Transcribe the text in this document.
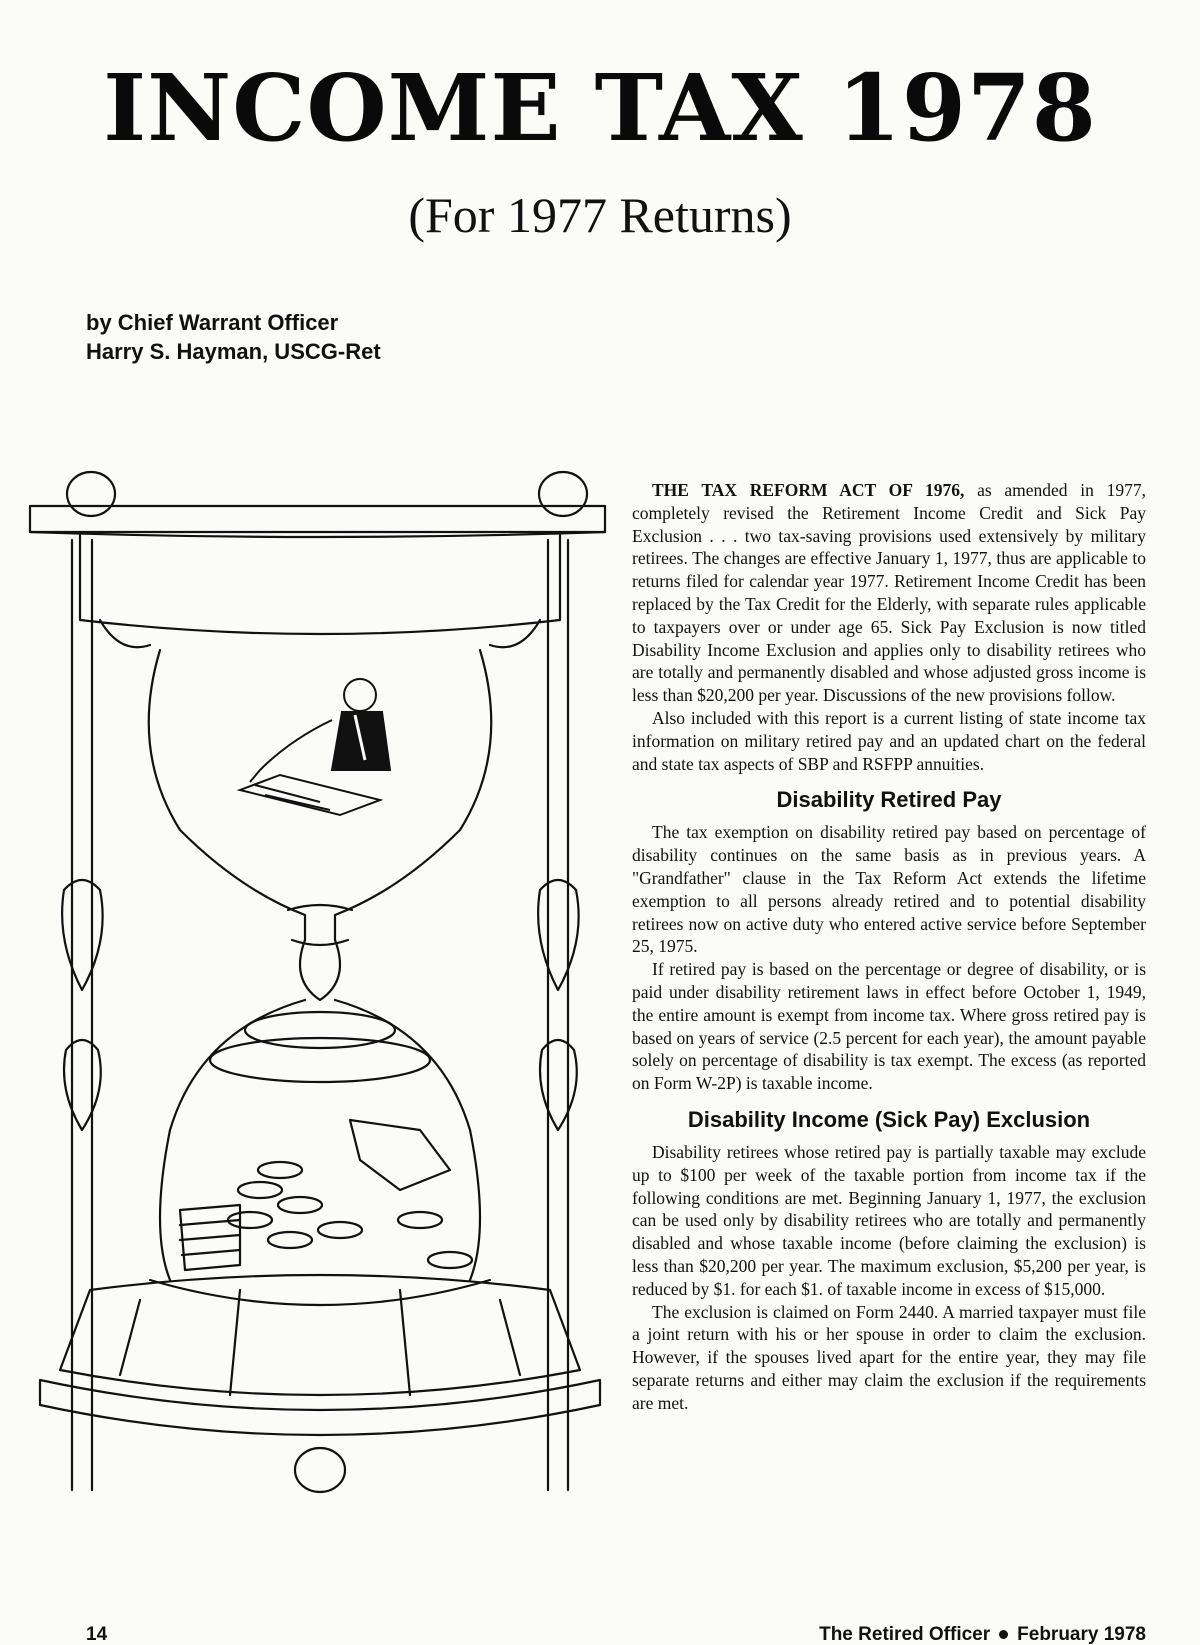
INCOME TAX 1978
(For 1977 Returns)
by Chief Warrant Officer
Harry S. Hayman, USCG-Ret

THE TAX REFORM ACT OF 1976, as amended in 1977, completely revised the Retirement Income Credit and Sick Pay Exclusion . . . two tax-saving provisions used extensively by military retirees. The changes are effective January 1, 1977, thus are applicable to returns filed for calendar year 1977. Retirement Income Credit has been replaced by the Tax Credit for the Elderly, with separate rules applicable to taxpayers over or under age 65. Sick Pay Exclusion is now titled Disability Income Exclusion and applies only to disability retirees who are totally and permanently disabled and whose adjusted gross income is less than $20,200 per year. Discussions of the new provisions follow.

Also included with this report is a current listing of state income tax information on military retired pay and an updated chart on the federal and state tax aspects of SBP and RSFPP annuities.

Disability Retired Pay

The tax exemption on disability retired pay based on percentage of disability continues on the same basis as in previous years. A "Grandfather" clause in the Tax Reform Act extends the lifetime exemption to all persons already retired and to potential disability retirees now on active duty who entered active service before September 25, 1975.

If retired pay is based on the percentage or degree of disability, or is paid under disability retirement laws in effect before October 1, 1949, the entire amount is exempt from income tax. Where gross retired pay is based on years of service (2.5 percent for each year), the amount payable solely on percentage of disability is tax exempt. The excess (as reported on Form W-2P) is taxable income.

Disability Income (Sick Pay) Exclusion

Disability retirees whose retired pay is partially taxable may exclude up to $100 per week of the taxable portion from income tax if the following conditions are met. Beginning January 1, 1977, the exclusion can be used only by disability retirees who are totally and permanently disabled and whose taxable income (before claiming the exclusion) is less than $20,200 per year. The maximum exclusion, $5,200 per year, is reduced by $1. for each $1. of taxable income in excess of $15,000.

The exclusion is claimed on Form 2440. A married taxpayer must file a joint return with his or her spouse in order to claim the exclusion. However, if the spouses lived apart for the entire year, they may file separate returns and either may claim the exclusion if the requirements are met.

14	The Retired Officer February 1978
